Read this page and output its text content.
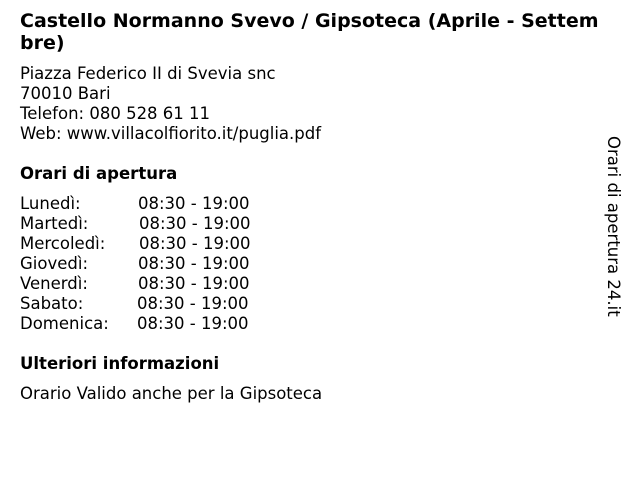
Castello Normanno Svevo / Gipsoteca (Aprile - Settembre)
Piazza Federico II di Svevia snc
70010 Bari
Telefon: 080 528 61 11
Web: www.villacolfiorito.it/puglia.pdf
Orari di apertura
Lunedì:	08:30 - 19:00
Martedì:	08:30 - 19:00
Mercoledì: 08:30 - 19:00
Giovedì:	08:30 - 19:00
Venerdì:	08:30 - 19:00
Sabato:	08:30 - 19:00
Domenica: 08:30 - 19:00
Ulteriori informazioni
Orario Valido anche per la Gipsoteca
Orari di apertura 24.it
